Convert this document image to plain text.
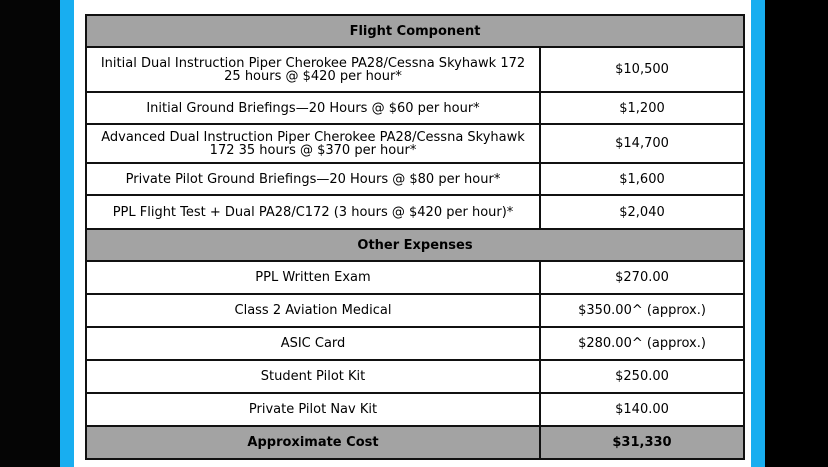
Flight Component	

Initial Dual Instruction Piper Cherokee PA28/Cessna Skyhawk 172
25 hours @ $420 per hour*	$10,500
Initial Ground Briefings—20 Hours @ $60 per hour*	$1,200

Advanced Dual Instruction Piper Cherokee PA28/Cessna Skyhawk
172 35 hours @ $370 per hour*	$14,700
Private Pilot Ground Briefings—20 Hours @ $80 per hour*	$1,600
PPL Flight Test + Dual PA28/C172 (3 hours @ $420 per hour)*	$2,040
Other Expenses	
PPL Written Exam	$270.00
Class 2 Aviation Medical	$350.00^ (approx.)
ASIC Card	$280.00^ (approx.)
Student Pilot Kit	$250.00
Private Pilot Nav Kit	$140.00
Approximate Cost	$31,330
